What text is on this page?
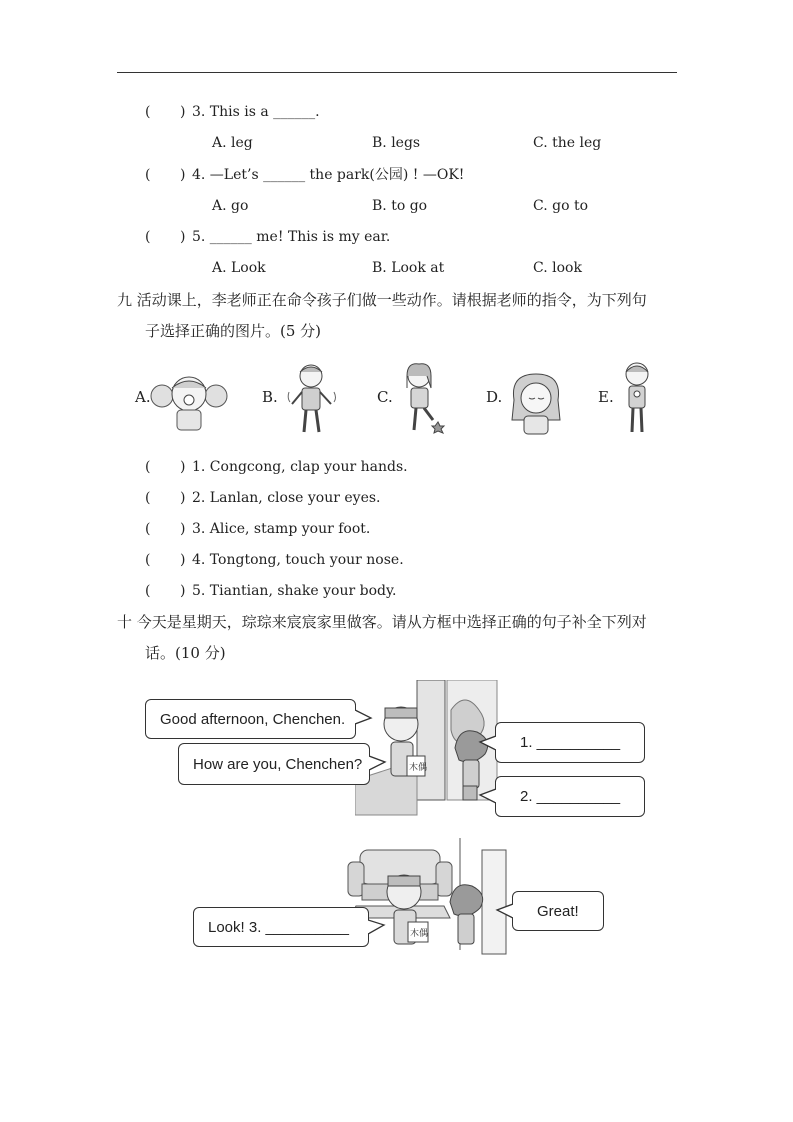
( ) 3. This is a ______.
A. leg	B. legs	C. the leg
( ) 4. —Let’s ______ the park(公园) ! —OK!
A. go	B. to go	C. go to
( ) 5. ______ me! This is my ear.
A. Look	B. Look at	C. look
九 活动课上，李老师正在命令孩子们做一些动作。请根据老师的指令，为下列句
子选择正确的图片。(5 分)
A.	B.	C.	D.	E.
( ) 1. Congcong, clap your hands.
( ) 2. Lanlan, close your eyes.
( ) 3. Alice, stamp your foot.
( ) 4. Tongtong, touch your nose.
( ) 5. Tiantian, shake your body.
十 今天是星期天，琮琮来宸宸家里做客。请从方框中选择正确的句子补全下列对
话。(10 分)
木偶
Good afternoon, Chenchen.
How are you, Chenchen?
1. __________
2. __________
木偶
Look! 3. __________
Great!
